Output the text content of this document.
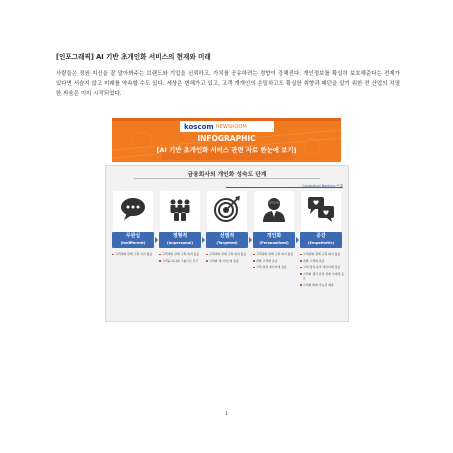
[인포그래픽] AI 기반 초개인화 서비스의 현재와 미래
사람들은 정원 지신을 잘 알아봐주는 브랜드와 기업을 신뢰하고, 가치를 공유하려는 경향이 강해진다. 개인정보를 확실히 보호해준다는 전제가 있다면 서슴지 않고 미래를 약속할 수도 있다. 세상은 변해가고 있고, 고객 개개인의 은밀하고도 확실한 취향과 패턴을 알기 위한 전 산업의 치열한 싸움은 이미 시작되었다.
koscom NEWSROOM
INFOGRAPHIC
[AI 기반 초개인화 서비스 관련 자료 한눈에 보기]
금융회사의 개인화 성숙도 단계
Contextual Banking 단계
무관심
(Indifferent)
고객과의 관계 구축 이지 없음
정형적
(Impersonal)
고객과의 관계 구축 의지 있음
고객을 하나의 그룹으로 간주
선별적
(Targeted)
고객과의 관계 구축 의지 있음
고객의 세그먼트에 집중
개인화
(Personalized)
고객과의 관계 구축 의지 있음
개별 고객에 집중
고객 정적 데이터에 집중
공감
(Empathetic)
고객과의 관계 구축 의지 있음
개별 고객에 집중
고객 정적·동적 데이터에 집중
고객의 생각·감정 상태 수에게 중요
고객의 변화 가능성 예측
1
